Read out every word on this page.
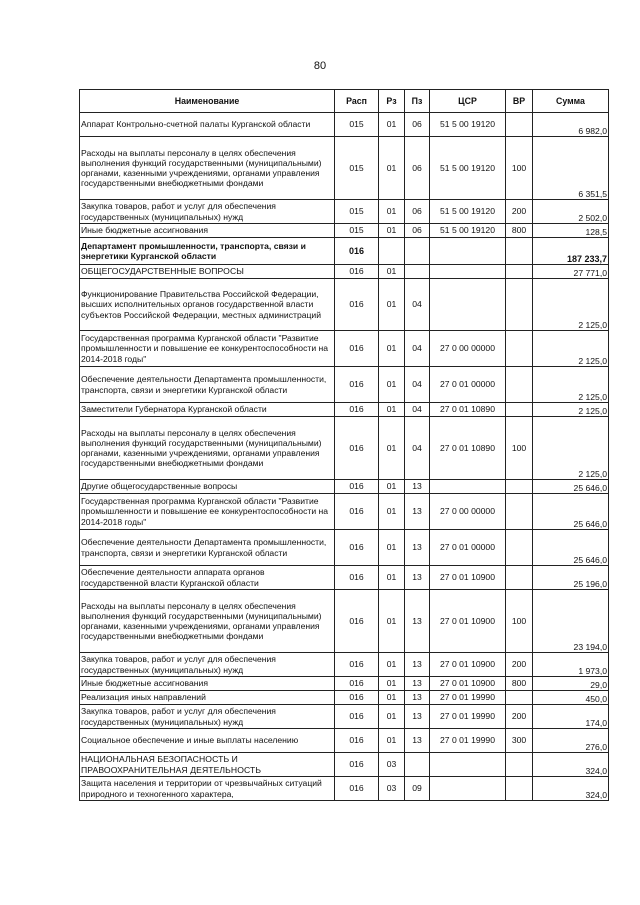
80
Наименование	Расп	Рз	Пз	ЦСР	ВР	Сумма
Аппарат Контрольно-счетной палаты Курганской области	015	01	06	51 5 00 19120		6 982,0
Расходы на выплаты персоналу в целях обеспечения выполнения функций государственными (муниципальными) органами, казенными учреждениями, органами управления государственными внебюджетными фондами	015	01	06	51 5 00 19120	100	6 351,5
Закупка товаров, работ и услуг для обеспечения государственных (муниципальных) нужд	015	01	06	51 5 00 19120	200	2 502,0
Иные бюджетные ассигнования	015	01	06	51 5 00 19120	800	128,5
Департамент промышленности, транспорта, связи и энергетики Курганской области	016					187 233,7
ОБЩЕГОСУДАРСТВЕННЫЕ ВОПРОСЫ	016	01				27 771,0
Функционирование Правительства Российской Федерации, высших исполнительных органов государственной власти субъектов Российской Федерации, местных администраций	016	01	04			2 125,0
Государственная программа Курганской области "Развитие промышленности и повышение ее конкурентоспособности на 2014-2018 годы"	016	01	04	27 0 00 00000		2 125,0
Обеспечение деятельности Департамента промышленности, транспорта, связи и энергетики Курганской области	016	01	04	27 0 01 00000		2 125,0
Заместители Губернатора Курганской области	016	01	04	27 0 01 10890		2 125,0
Расходы на выплаты персоналу в целях обеспечения выполнения функций государственными (муниципальными) органами, казенными учреждениями, органами управления государственными внебюджетными фондами	016	01	04	27 0 01 10890	100	2 125,0
Другие общегосударственные вопросы	016	01	13			25 646,0
Государственная программа Курганской области "Развитие промышленности и повышение ее конкурентоспособности на 2014-2018 годы"	016	01	13	27 0 00 00000		25 646,0
Обеспечение деятельности Департамента промышленности, транспорта, связи и энергетики Курганской области	016	01	13	27 0 01 00000		25 646,0
Обеспечение деятельности аппарата органов государственной власти Курганской области	016	01	13	27 0 01 10900		25 196,0
Расходы на выплаты персоналу в целях обеспечения выполнения функций государственными (муниципальными) органами, казенными учреждениями, органами управления государственными внебюджетными фондами	016	01	13	27 0 01 10900	100	23 194,0
Закупка товаров, работ и услуг для обеспечения государственных (муниципальных) нужд	016	01	13	27 0 01 10900	200	1 973,0
Иные бюджетные ассигнования	016	01	13	27 0 01 10900	800	29,0
Реализация иных направлений	016	01	13	27 0 01 19990		450,0
Закупка товаров, работ и услуг для обеспечения государственных (муниципальных) нужд	016	01	13	27 0 01 19990	200	174,0
Социальное обеспечение и иные выплаты населению	016	01	13	27 0 01 19990	300	276,0
НАЦИОНАЛЬНАЯ БЕЗОПАСНОСТЬ И ПРАВООХРАНИТЕЛЬНАЯ ДЕЯТЕЛЬНОСТЬ	016	03				324,0
Защита населения и территории от чрезвычайных ситуаций природного и техногенного характера,	016	03	09			324,0
